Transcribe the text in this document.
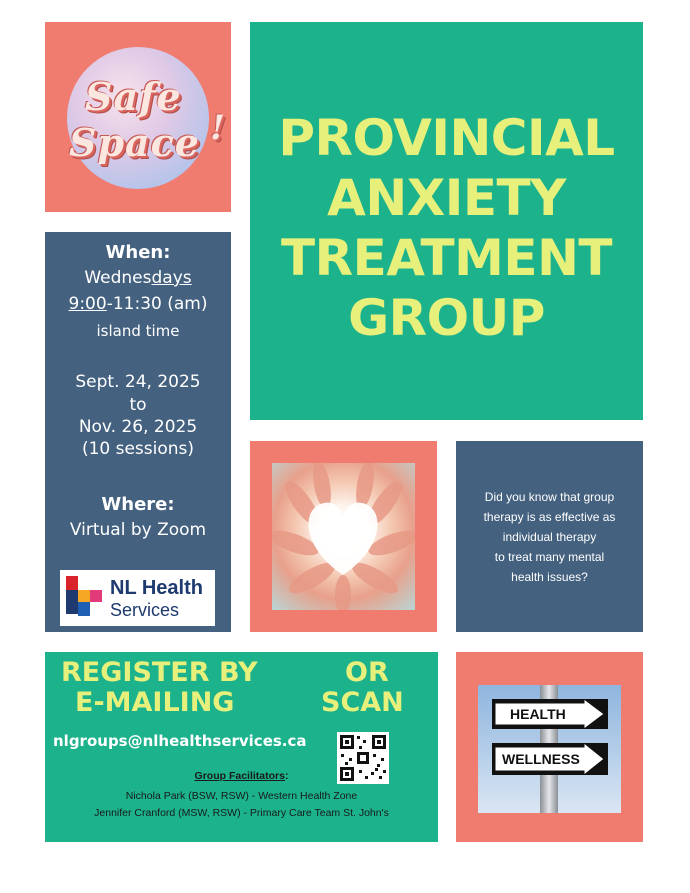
Safe
Space !	PROVINCIAL
ANXIETY
TREATMENT
GROUP
When:
Wednesdays
9:00-11:30 (am)
island time
Sept. 24, 2025
to
Nov. 26, 2025
(10 sessions)
Where:
Virtual by Zoom
NL Health
Services
Did you know that group
therapy is as effective as
individual therapy
to treat many mental
health issues?
REGISTER BY
E-MAILING
OR
SCAN
nlgroups@nlhealthservices.ca
Group Facilitators:
Nichola Park (BSW, RSW) - Western Health Zone
Jennifer Cranford (MSW, RSW) - Primary Care Team St. John's
HEALTH
WELLNESS
